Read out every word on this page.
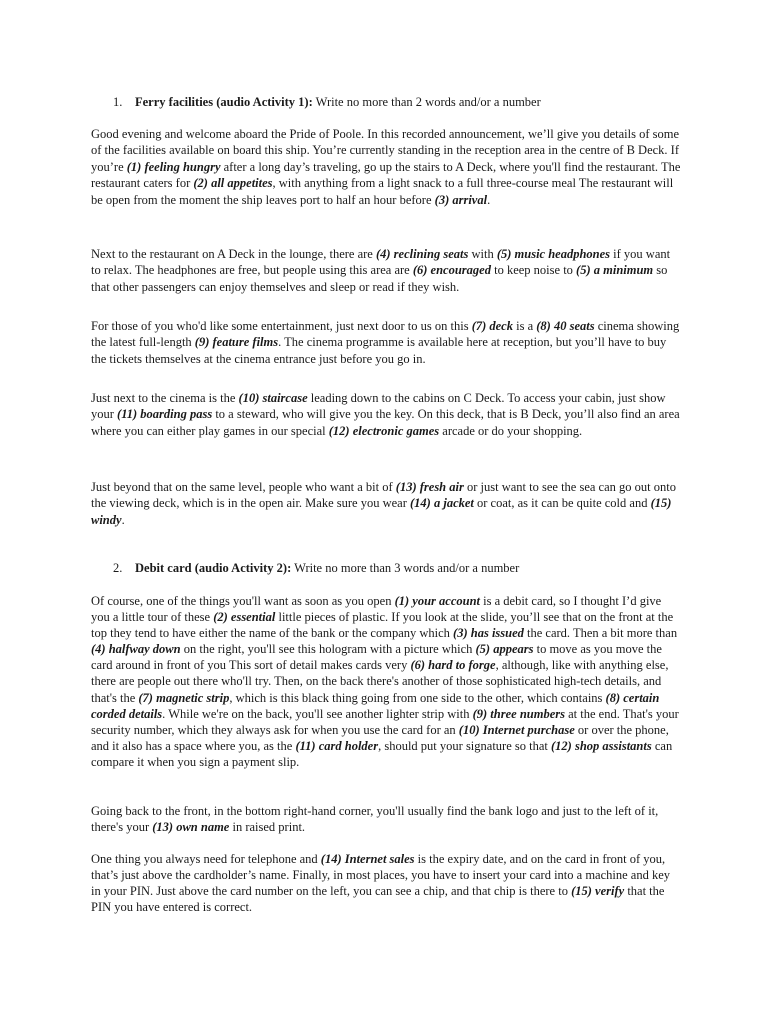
1. Ferry facilities (audio Activity 1): Write no more than 2 words and/or a number

Good evening and welcome aboard the Pride of Poole. In this recorded announcement, we’ll give you details of some of the facilities available on board this ship. You’re currently standing in the reception area in the centre of B Deck. If you’re (1) feeling hungry after a long day’s traveling, go up the stairs to A Deck, where you'll find the restaurant. The restaurant caters for (2) all appetites, with anything from a light snack to a full three-course meal The restaurant will be open from the moment the ship leaves port to half an hour before (3) arrival.

Next to the restaurant on A Deck in the lounge, there are (4) reclining seats with (5) music headphones if you want to relax. The headphones are free, but people using this area are (6) encouraged to keep noise to (5) a minimum so that other passengers can enjoy themselves and sleep or read if they wish.

For those of you who'd like some entertainment, just next door to us on this (7) deck is a (8) 40 seats cinema showing the latest full-length (9) feature films. The cinema programme is available here at reception, but you’ll have to buy the tickets themselves at the cinema entrance just before you go in.

Just next to the cinema is the (10) staircase leading down to the cabins on C Deck. To access your cabin, just show your (11) boarding pass to a steward, who will give you the key. On this deck, that is B Deck, you’ll also find an area where you can either play games in our special (12) electronic games arcade or do your shopping.

Just beyond that on the same level, people who want a bit of (13) fresh air or just want to see the sea can go out onto the viewing deck, which is in the open air. Make sure you wear (14) a jacket or coat, as it can be quite cold and (15) windy.

2. Debit card (audio Activity 2): Write no more than 3 words and/or a number

Of course, one of the things you'll want as soon as you open (1) your account is a debit card, so I thought I’d give you a little tour of these (2) essential little pieces of plastic. If you look at the slide, you’ll see that on the front at the top they tend to have either the name of the bank or the company which (3) has issued the card. Then a bit more than (4) halfway down on the right, you'll see this hologram with a picture which (5) appears to move as you move the card around in front of you This sort of detail makes cards very (6) hard to forge, although, like with anything else, there are people out there who'll try. Then, on the back there's another of those sophisticated high-tech details, and that's the (7) magnetic strip, which is this black thing going from one side to the other, which contains (8) certain corded details. While we're on the back, you'll see another lighter strip with (9) three numbers at the end. That's your security number, which they always ask for when you use the card for an (10) Internet purchase or over the phone, and it also has a space where you, as the (11) card holder, should put your signature so that (12) shop assistants can compare it when you sign a payment slip.

Going back to the front, in the bottom right-hand corner, you'll usually find the bank logo and just to the left of it, there's your (13) own name in raised print.

One thing you always need for telephone and (14) Internet sales is the expiry date, and on the card in front of you, that’s just above the cardholder’s name. Finally, in most places, you have to insert your card into a machine and key in your PIN. Just above the card number on the left, you can see a chip, and that chip is there to (15) verify that the PIN you have entered is correct.
